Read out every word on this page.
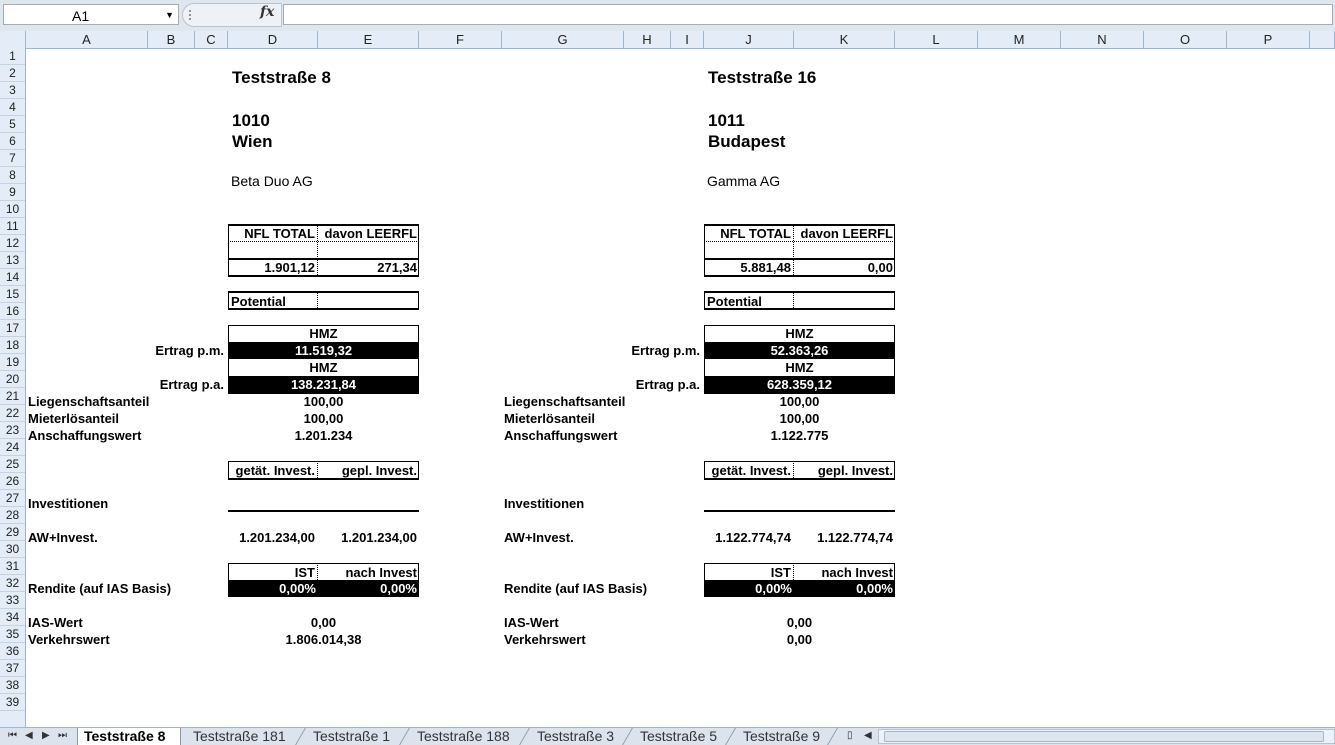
A1	▼	fx
A	B	C	D	E	F	G	H	I	J	K	L	M	N	O	P
1
2
3
4
5
6
7
8
9
10
11
12
13
14
15
16
17
18
19
20
21
22
23
24
25
26
27
28
29
30
31
32
33
34
35
36
37
38
39
Teststraße 8
1010
Wien
Beta Duo AG
NFL TOTAL davon LEERFL
1.901,12	271,34
Potential
HMZ
11.519,32
Ertrag p.m.
HMZ
138.231,84
Ertrag p.a.
Liegenschaftsanteil	100,00
Mieterlösanteil	100,00
Anschaffungswert	1.201.234
getät. Invest.	gepl. Invest.
Investitionen
AW+Invest.	1.201.234,00	1.201.234,00
IST	nach Invest
Rendite (auf IAS Basis)	0,00%	0,00%
IAS-Wert	0,00
Verkehrswert	1.806.014,38
Teststraße 16
1011
Budapest
Gamma AG
NFL TOTAL davon LEERFL
5.881,48	0,00
Potential
HMZ
52.363,26
Ertrag p.m.
HMZ
628.359,12
Ertrag p.a.
Liegenschaftsanteil	100,00
Mieterlösanteil	100,00
Anschaffungswert	1.122.775
getät. Invest.	gepl. Invest.
Investitionen
AW+Invest.	1.122.774,74	1.122.774,74
IST	nach Invest
Rendite (auf IAS Basis)	0,00%	0,00%
IAS-Wert	0,00
Verkehrswert	0,00
⏮ ◀ ▶ ⏭	Teststraße 8	Teststraße 181	Teststraße 1	Teststraße 188	Teststraße 3	Teststraße 5	Teststraße 9	▯ ◀
